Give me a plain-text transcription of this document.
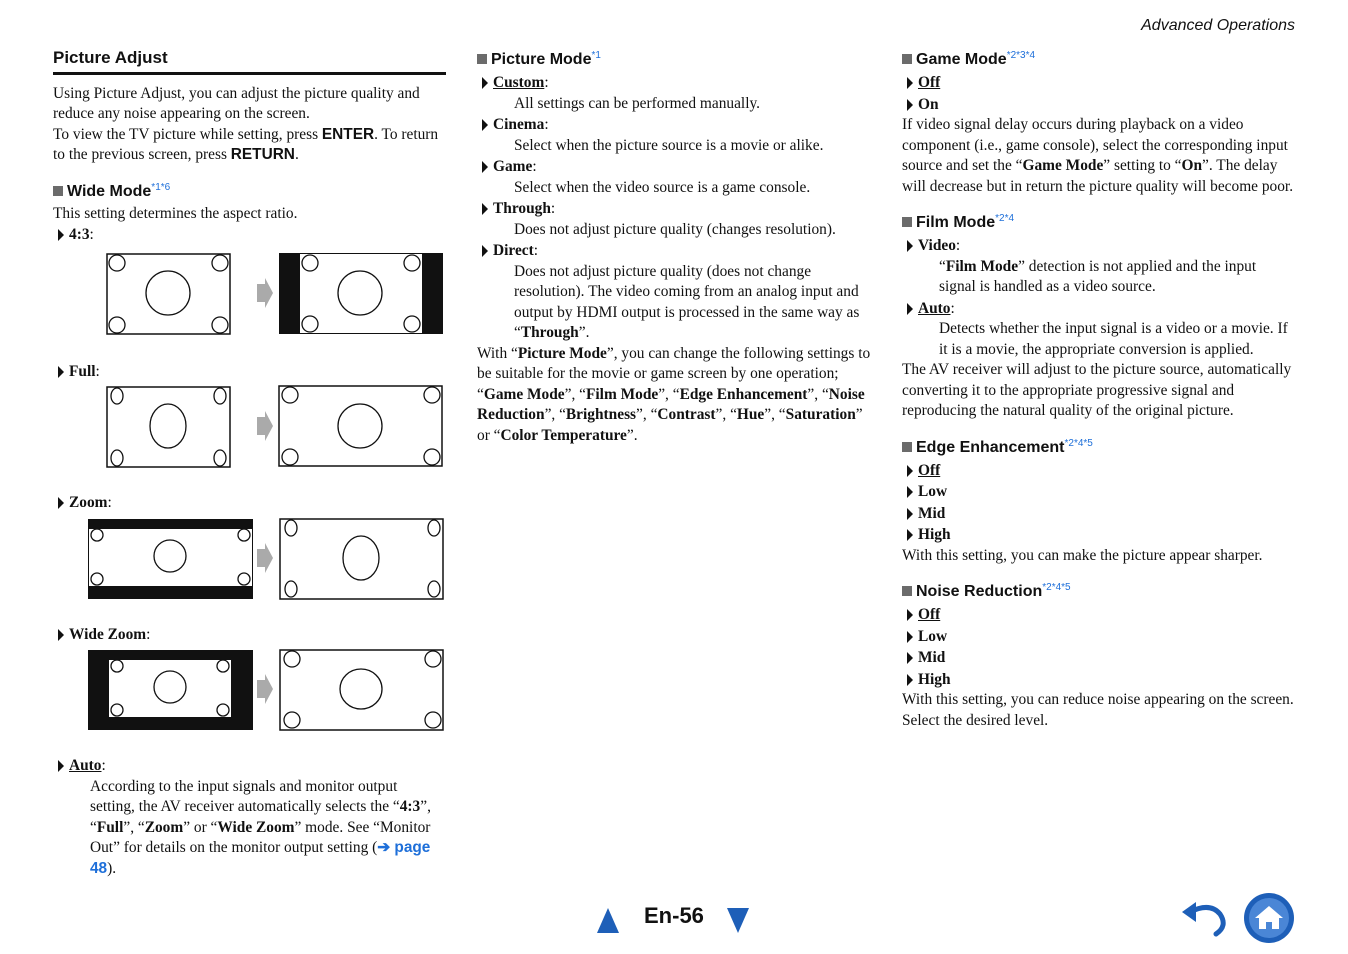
Advanced Operations
Picture Adjust

Using Picture Adjust, you can adjust the picture quality and reduce any noise appearing on the screen.

To view the TV picture while setting, press ENTER. To return to the previous screen, press RETURN.

Wide Mode$^{*1*6}$

This setting determines the aspect ratio.

4:3:
Full:
Zoom:
Wide Zoom:
Auto:

According to the input signals and monitor output setting, the AV receiver automatically selects the “4:3”, “Full”, “Zoom” or “Wide Zoom” mode. See “Monitor Out” for details on the monitor output setting (➔ page 48).

Picture Mode$^{*1}$
Custom:

All settings can be performed manually.

Cinema:

Select when the picture source is a movie or alike.

Game:

Select when the video source is a game console.

Through:

Does not adjust picture quality (changes resolution).

Direct:

Does not adjust picture quality (does not change resolution). The video coming from an analog input and output by HDMI output is processed in the same way as “Through”.

With “Picture Mode”, you can change the following settings to be suitable for the movie or game screen by one operation; “Game Mode”, “Film Mode”, “Edge Enhancement”, “Noise Reduction”, “Brightness”, “Contrast”, “Hue”, “Saturation” or “Color Temperature”.

Game Mode$^{*2*3*4}$
Off
On

If video signal delay occurs during playback on a video component (i.e., game console), select the corresponding input source and set the “Game Mode” setting to “On”. The delay will decrease but in return the picture quality will become poor.

Film Mode$^{*2*4}$
Video:

“Film Mode” detection is not applied and the input signal is handled as a video source.

Auto:

Detects whether the input signal is a video or a movie. If it is a movie, the appropriate conversion is applied.

The AV receiver will adjust to the picture source, automatically converting it to the appropriate progressive signal and reproducing the natural quality of the original picture.

Edge Enhancement$^{*2*4*5}$
Off
Low
Mid
High

With this setting, you can make the picture appear sharper.

Noise Reduction$^{*2*4*5}$
Off
Low
Mid
High

With this setting, you can reduce noise appearing on the screen. Select the desired level.

En-56
